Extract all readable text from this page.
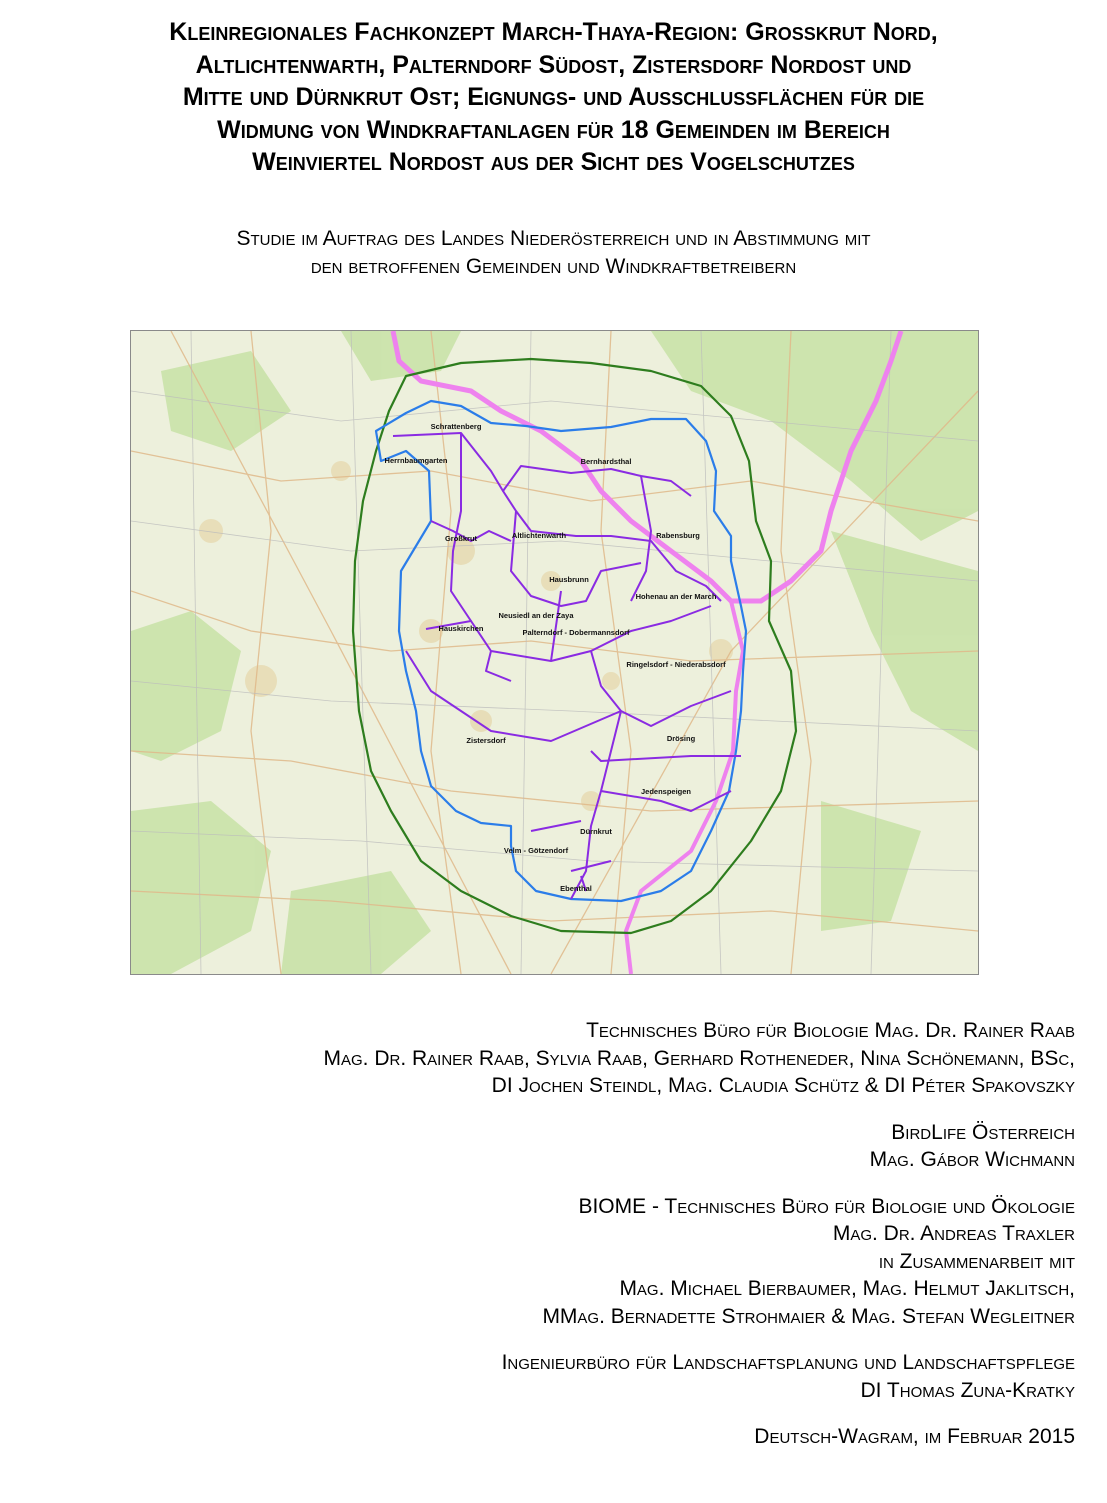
Kleinregionales Fachkonzept March-Thaya-Region: Großkrut Nord,
Altlichtenwarth, Palterndorf Südost, Zistersdorf Nordost und
Mitte und Dürnkrut Ost; Eignungs- und Ausschlussflächen für die
Widmung von Windkraftanlagen für 18 Gemeinden im Bereich
Weinviertel Nordost aus der Sicht des Vogelschutzes
Studie im Auftrag des Landes Niederösterreich und in Abstimmung mit
den betroffenen Gemeinden und Windkraftbetreibern
Schrattenberg
Herrnbaumgarten	Bernhardsthal
Großkrut	Altlichtenwarth	Rabensburg
Hausbrunn
Hohenau an der March
Neusiedl an der Zaya
Hauskirchen	Palterndorf - Dobermannsdorf
Ringelsdorf - Niederabsdorf
Zistersdorf	Drösing
Jedenspeigen
Dürnkrut
Velm - Götzendorf
Ebenthal
Technisches Büro für Biologie Mag. Dr. Rainer Raab
Mag. Dr. Rainer Raab, Sylvia Raab, Gerhard Rotheneder, Nina Schönemann, BSc,
DI Jochen Steindl, Mag. Claudia Schütz & DI Péter Spakovszky
BirdLife Österreich
Mag. Gábor Wichmann
BIOME - Technisches Büro für Biologie und Ökologie
Mag. Dr. Andreas Traxler
in Zusammenarbeit mit
Mag. Michael Bierbaumer, Mag. Helmut Jaklitsch,
MMag. Bernadette Strohmaier & Mag. Stefan Wegleitner
Ingenieurbüro für Landschaftsplanung und Landschaftspflege
DI Thomas Zuna-Kratky
Deutsch-Wagram, im Februar 2015
